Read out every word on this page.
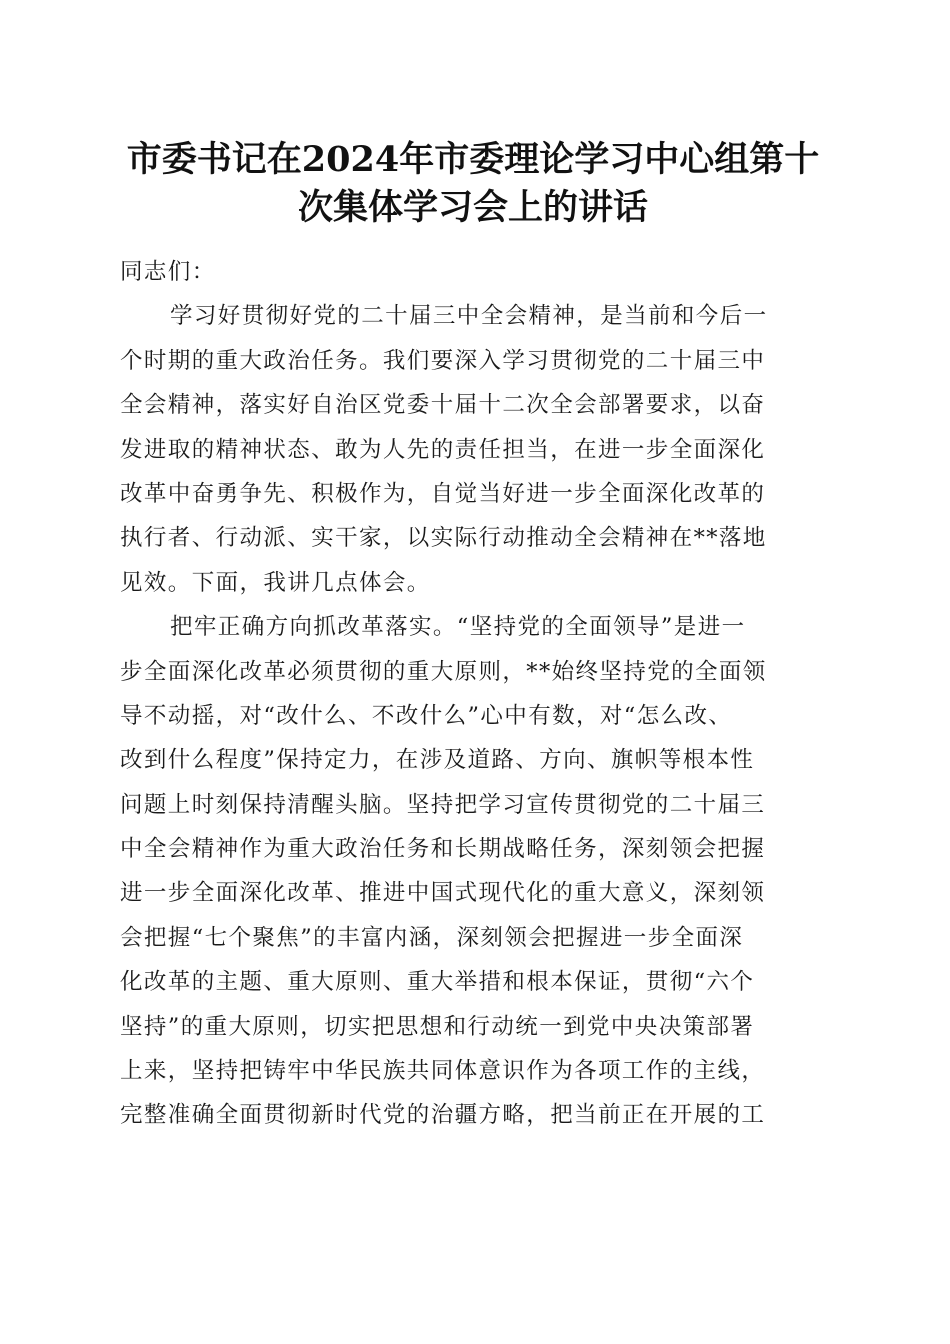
市委书记在2024年市委理论学习中心组第十
次集体学习会上的讲话
同志们：
学习好贯彻好党的二十届三中全会精神，是当前和今后一
个时期的重大政治任务。我们要深入学习贯彻党的二十届三中
全会精神，落实好自治区党委十届十二次全会部署要求，以奋
发进取的精神状态、敢为人先的责任担当，在进一步全面深化
改革中奋勇争先、积极作为，自觉当好进一步全面深化改革的
执行者、行动派、实干家，以实际行动推动全会精神在**落地
见效。下面，我讲几点体会。
把牢正确方向抓改革落实。“坚持党的全面领导”是进一
步全面深化改革必须贯彻的重大原则，**始终坚持党的全面领
导不动摇，对“改什么、不改什么”心中有数，对“怎么改、
改到什么程度”保持定力，在涉及道路、方向、旗帜等根本性
问题上时刻保持清醒头脑。坚持把学习宣传贯彻党的二十届三
中全会精神作为重大政治任务和长期战略任务，深刻领会把握
进一步全面深化改革、推进中国式现代化的重大意义，深刻领
会把握“七个聚焦”的丰富内涵，深刻领会把握进一步全面深
化改革的主题、重大原则、重大举措和根本保证，贯彻“六个
坚持”的重大原则，切实把思想和行动统一到党中央决策部署
上来，坚持把铸牢中华民族共同体意识作为各项工作的主线，
完整准确全面贯彻新时代党的治疆方略，把当前正在开展的工
